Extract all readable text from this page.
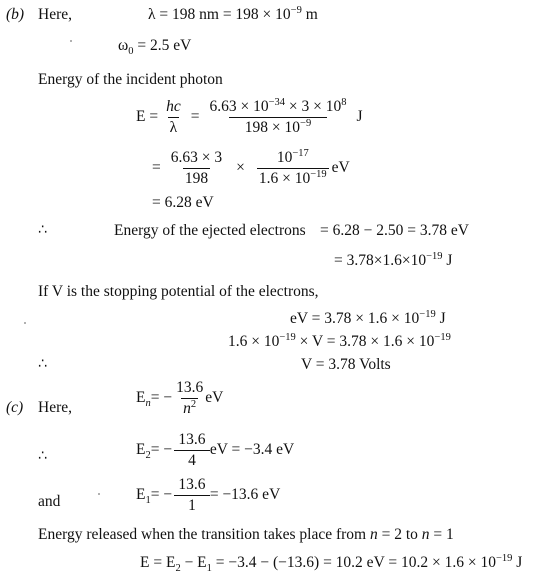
(b) Here,	λ = 198 nm = $198 \times 10^{-9}$ m
$\omega_0 = 2.5$ eV
Energy of the incident photon
$E = \frac{hc}{\lambda} = \frac{6.63 \times 10^{-34} \times 3 \times 10^8}{198 \times 10^{-9}}$ J
= $\frac{6.63 \times 3}{198} \times \frac{10^{-17}}{1.6 \times 10^{-19}}$ eV
= 6.28 eV
∴	Energy of the ejected electrons = 6.28 − 2.50 = 3.78 eV
= $3.78\times 1.6\times 10^{-19}$ J
If V is the stopping potential of the electrons,
eV = $3.78 \times 1.6 \times 10^{-19}$ J
$1.6 \times 10^{-19} \times V = 3.78 \times 1.6 \times 10^{-19}$
∴	V = 3.78 Volts
(c) Here,
$E_n$ = − $\frac{13.6}{n^2}$ eV
∴	$E_2$ = − $\frac{13.6}{4}$ eV = −3.4 eV
and	$E_1$ = − $\frac{13.6}{1} = -13.6$ eV
Energy released when the transition takes place from n = 2 to n = 1
$E = E_2 - E_1 = -3.4 - (-13.6) = 10.2$ eV = $10.2 \times 1.6 \times 10^{-19}$ J
